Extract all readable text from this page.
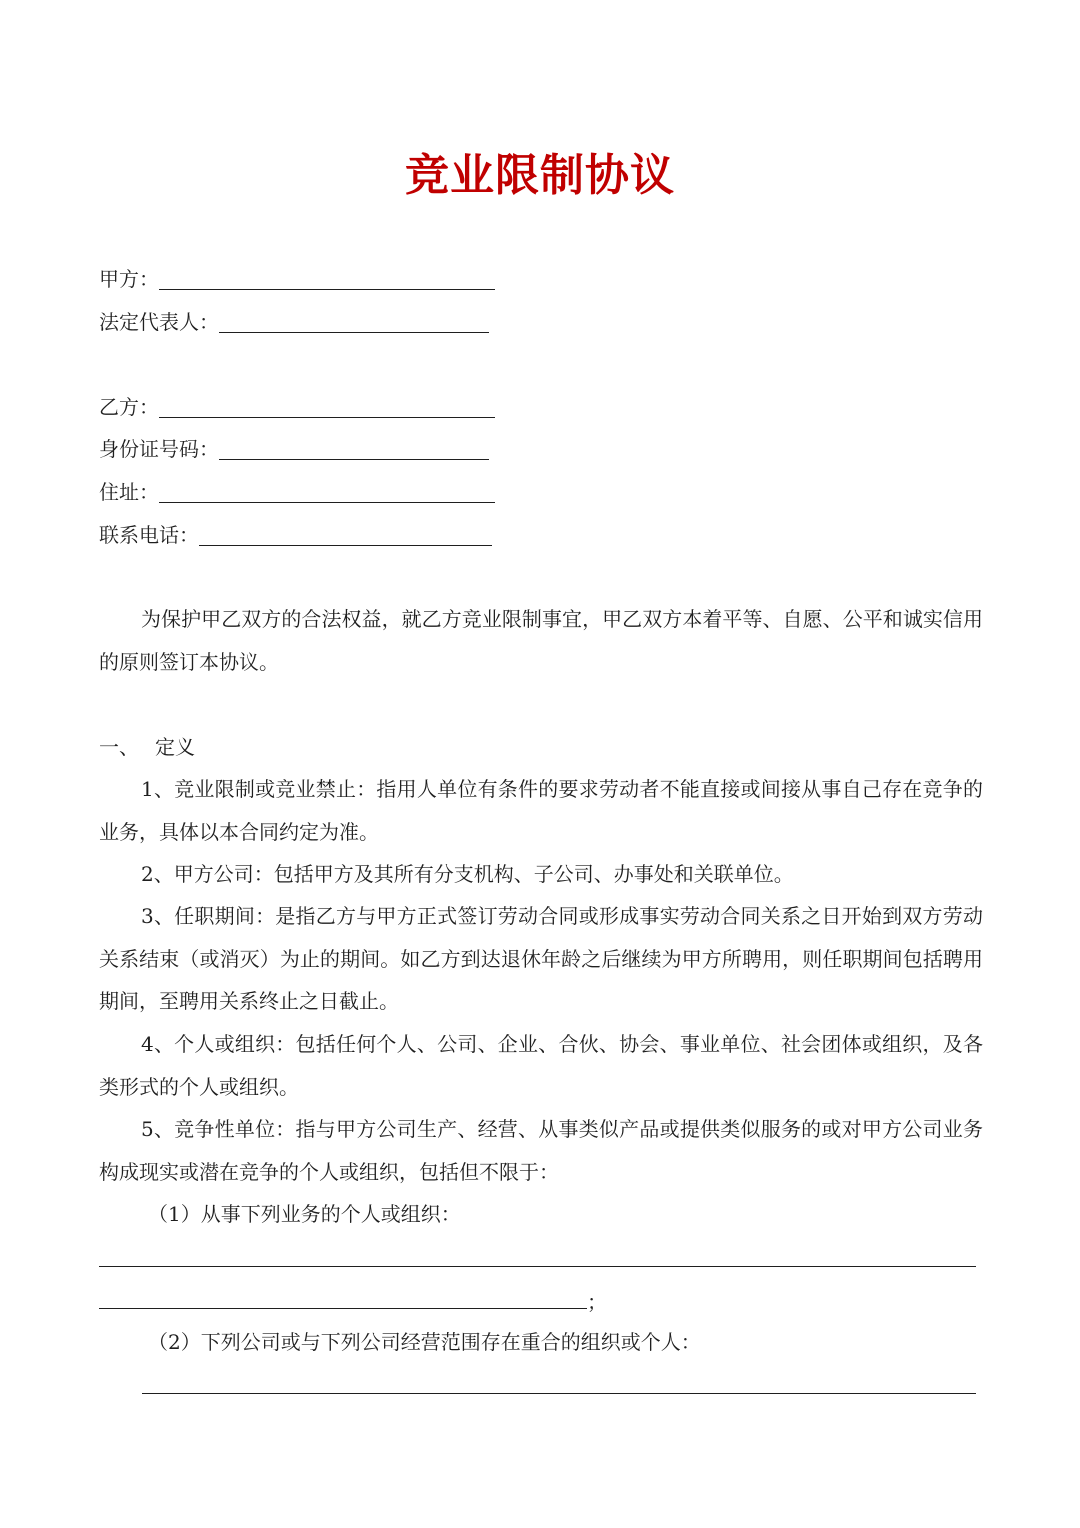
竞业限制协议
甲方：
法定代表人：
乙方：
身份证号码：
住址：
联系电话：
为保护甲乙双方的合法权益，就乙方竞业限制事宜，甲乙双方本着平等、自愿、公平和诚实信用的原则签订本协议。
一、 定义
1、竞业限制或竞业禁止：指用人单位有条件的要求劳动者不能直接或间接从事自己存在竞争的业务，具体以本合同约定为准。
2、甲方公司：包括甲方及其所有分支机构、子公司、办事处和关联单位。
3、任职期间：是指乙方与甲方正式签订劳动合同或形成事实劳动合同关系之日开始到双方劳动关系结束（或消灭）为止的期间。如乙方到达退休年龄之后继续为甲方所聘用，则任职期间包括聘用期间，至聘用关系终止之日截止。
4、个人或组织：包括任何个人、公司、企业、合伙、协会、事业单位、社会团体或组织，及各类形式的个人或组织。
5、竞争性单位：指与甲方公司生产、经营、从事类似产品或提供类似服务的或对甲方公司业务构成现实或潜在竞争的个人或组织，包括但不限于：
（1）从事下列业务的个人或组织：
；
（2）下列公司或与下列公司经营范围存在重合的组织或个人：
